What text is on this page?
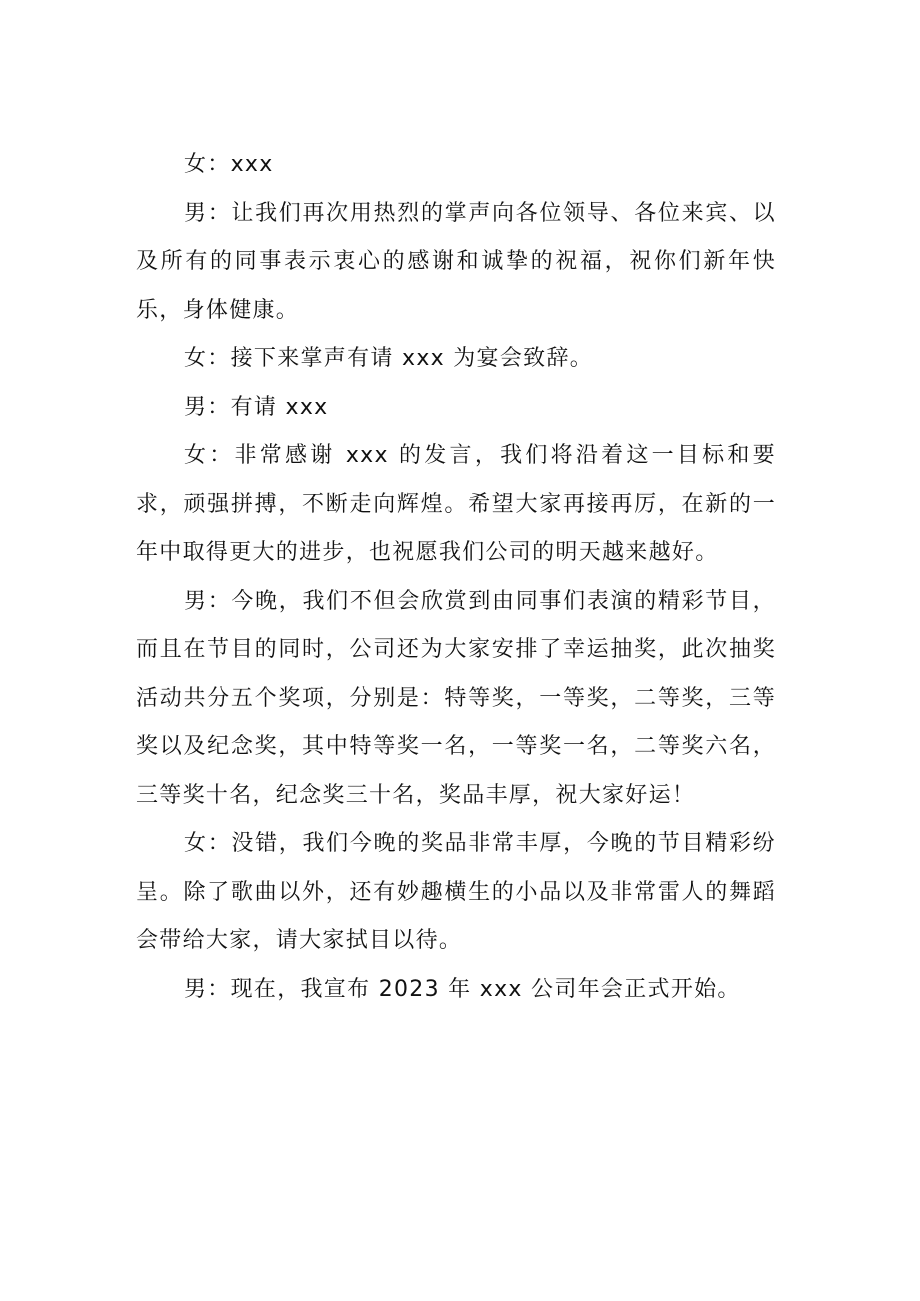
女：xxx

男：让我们再次用热烈的掌声向各位领导、各位来宾、以及所有的同事表示衷心的感谢和诚挚的祝福，祝你们新年快乐，身体健康。

女：接下来掌声有请 xxx 为宴会致辞。

男：有请 xxx

女：非常感谢 xxx 的发言，我们将沿着这一目标和要求，顽强拼搏，不断走向辉煌。希望大家再接再厉，在新的一年中取得更大的进步，也祝愿我们公司的明天越来越好。

男：今晚，我们不但会欣赏到由同事们表演的精彩节目，而且在节目的同时，公司还为大家安排了幸运抽奖，此次抽奖活动共分五个奖项，分别是：特等奖，一等奖，二等奖，三等奖以及纪念奖，其中特等奖一名，一等奖一名，二等奖六名，三等奖十名，纪念奖三十名，奖品丰厚，祝大家好运！

女：没错，我们今晚的奖品非常丰厚，今晚的节目精彩纷呈。除了歌曲以外，还有妙趣横生的小品以及非常雷人的舞蹈会带给大家，请大家拭目以待。

男：现在，我宣布 2023 年 xxx 公司年会正式开始。
